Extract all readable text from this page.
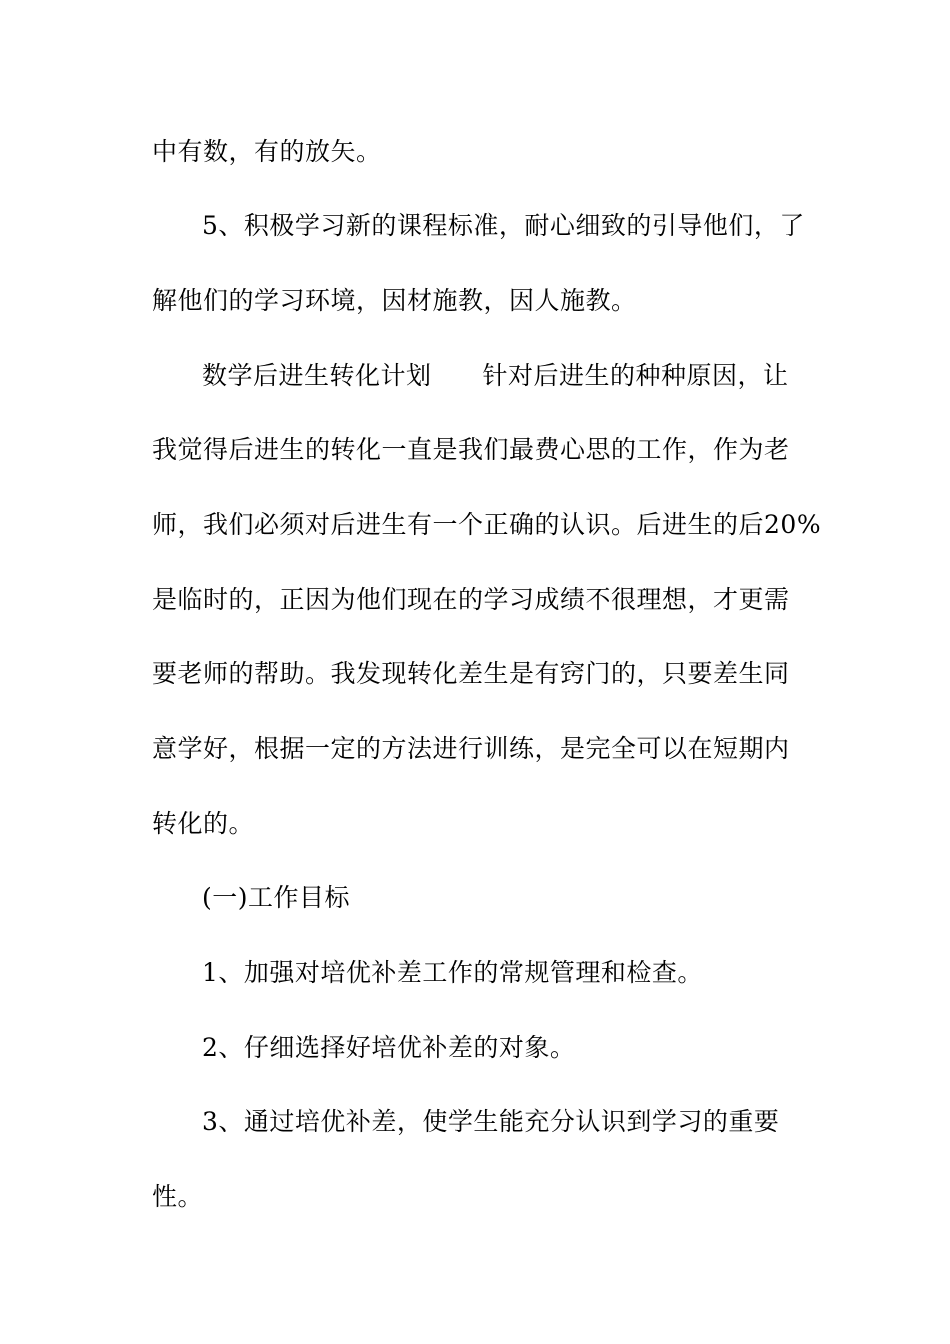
中有数，有的放矢。
5、积极学习新的课程标准，耐心细致的引导他们，了
解他们的学习环境，因材施教，因人施教。
数学后进生转化计划　　针对后进生的种种原因，让
我觉得后进生的转化一直是我们最费心思的工作，作为老
师，我们必须对后进生有一个正确的认识。后进生的后20%
是临时的，正因为他们现在的学习成绩不很理想，才更需
要老师的帮助。我发现转化差生是有窍门的，只要差生同
意学好，根据一定的方法进行训练，是完全可以在短期内
转化的。
(一)工作目标
1、加强对培优补差工作的常规管理和检查。
2、仔细选择好培优补差的对象。
3、通过培优补差，使学生能充分认识到学习的重要
性。
